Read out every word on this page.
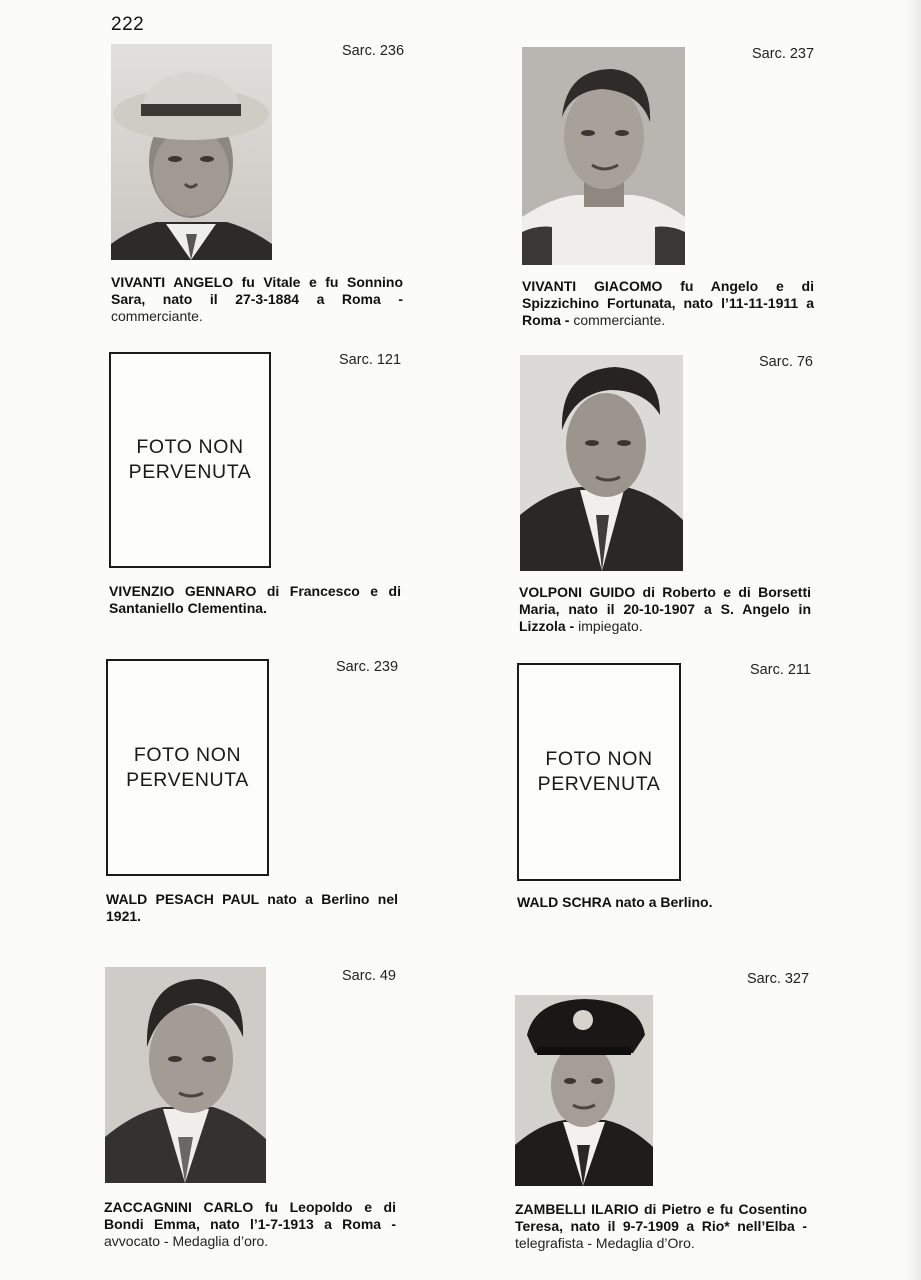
222
Sarc. 236
VIVANTI ANGELO fu Vitale e fu Sonnino Sara, nato il 27-3-1884 a Roma - commerciante.
Sarc. 237
VIVANTI GIACOMO fu Angelo e di Spizzichino Fortunata, nato l’11-11-1911 a Roma - commerciante.
Sarc. 121
FOTO NON
PERVENUTA
VIVENZIO GENNARO di Francesco e di Santaniello Clementina.
Sarc. 76
VOLPONI GUIDO di Roberto e di Borsetti Maria, nato il 20-10-1907 a S. Angelo in Lizzola - impiegato.
Sarc. 239
FOTO NON
PERVENUTA
WALD PESACH PAUL nato a Berlino nel 1921.
Sarc. 211
FOTO NON
PERVENUTA
WALD SCHRA nato a Berlino.
Sarc. 49
ZACCAGNINI CARLO fu Leopoldo e di Bondi Emma, nato l’1-7-1913 a Roma - avvocato - Medaglia d’oro.
Sarc. 327
ZAMBELLI ILARIO di Pietro e fu Cosentino Teresa, nato il 9-7-1909 a Rio* nell’Elba - telegrafista - Medaglia d’Oro.
